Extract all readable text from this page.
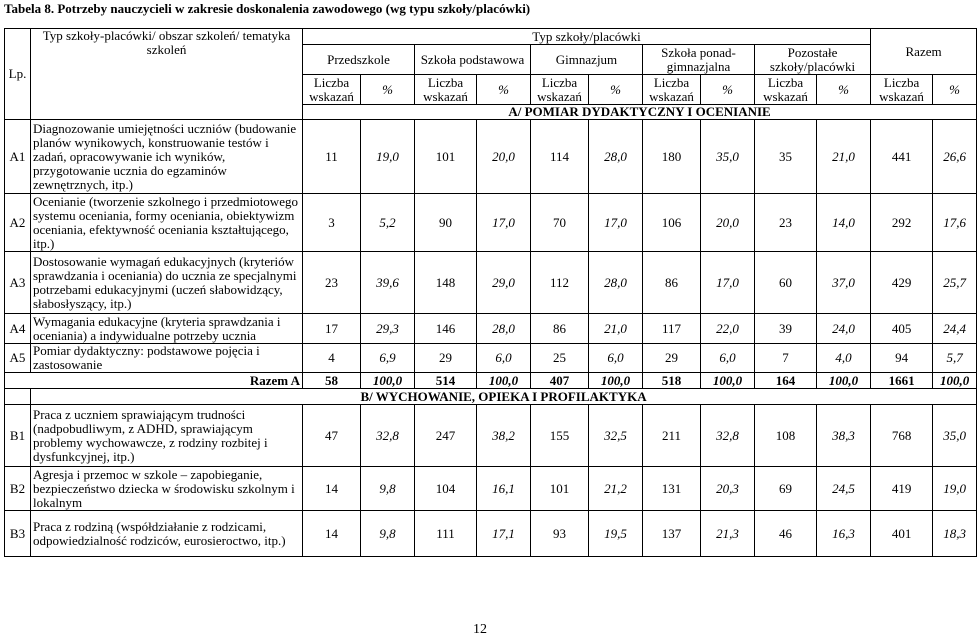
Tabela 8. Potrzeby nauczycieli w zakresie doskonalenia zawodowego (wg typu szkoły/placówki)
Lp.	Typ szkoły-placówki/ obszar szkoleń/ tematyka szkoleń	Typ szkoły/placówki										Razem	
		Przedszkole		Szkoła podstawowa		Gimnazjum		Szkoła ponad-gimnazjalna		Pozostałe szkoły/placówki			
		Liczba wskazań	%	Liczba wskazań	%	Liczba wskazań	%	Liczba wskazań	%	Liczba wskazań	%	Liczba wskazań	%
		A/ POMIAR DYDAKTYCZNY I OCENIANIE											
A1	Diagnozowanie umiejętności uczniów (budowanie planów wynikowych, konstruowanie testów i zadań, opracowywanie ich wyników, przygotowanie ucznia do egzaminów zewnętrznych, itp.)	11	19,0	101	20,0	114	28,0	180	35,0	35	21,0	441	26,6
A2	Ocenianie (tworzenie szkolnego i przedmiotowego systemu oceniania, formy oceniania, obiektywizm oceniania, efektywność oceniania kształtującego, itp.)	3	5,2	90	17,0	70	17,0	106	20,0	23	14,0	292	17,6
A3	Dostosowanie wymagań edukacyjnych (kryteriów sprawdzania i oceniania) do ucznia ze specjalnymi potrzebami edukacyjnymi (uczeń słabowidzący, słabosłyszący, itp.)	23	39,6	148	29,0	112	28,0	86	17,0	60	37,0	429	25,7
A4	Wymagania edukacyjne (kryteria sprawdzania i oceniania) a indywidualne potrzeby ucznia	17	29,3	146	28,0	86	21,0	117	22,0	39	24,0	405	24,4
A5	Pomiar dydaktyczny: podstawowe pojęcia i zastosowanie	4	6,9	29	6,0	25	6,0	29	6,0	7	4,0	94	5,7
Razem A		58	100,0	514	100,0	407	100,0	518	100,0	164	100,0	1661	100,0
	B/ WYCHOWANIE, OPIEKA I PROFILAKTYKA												
B1	Praca z uczniem sprawiającym trudności (nadpobudliwym, z ADHD, sprawiającym problemy wychowawcze, z rodziny rozbitej i dysfunkcyjnej, itp.)	47	32,8	247	38,2	155	32,5	211	32,8	108	38,3	768	35,0
B2	Agresja i przemoc w szkole – zapobieganie, bezpieczeństwo dziecka w środowisku szkolnym i lokalnym	14	9,8	104	16,1	101	21,2	131	20,3	69	24,5	419	19,0
B3	Praca z rodziną (współdziałanie z rodzicami, odpowiedzialność rodziców, eurosieroctwo, itp.)	14	9,8	111	17,1	93	19,5	137	21,3	46	16,3	401	18,3
12
